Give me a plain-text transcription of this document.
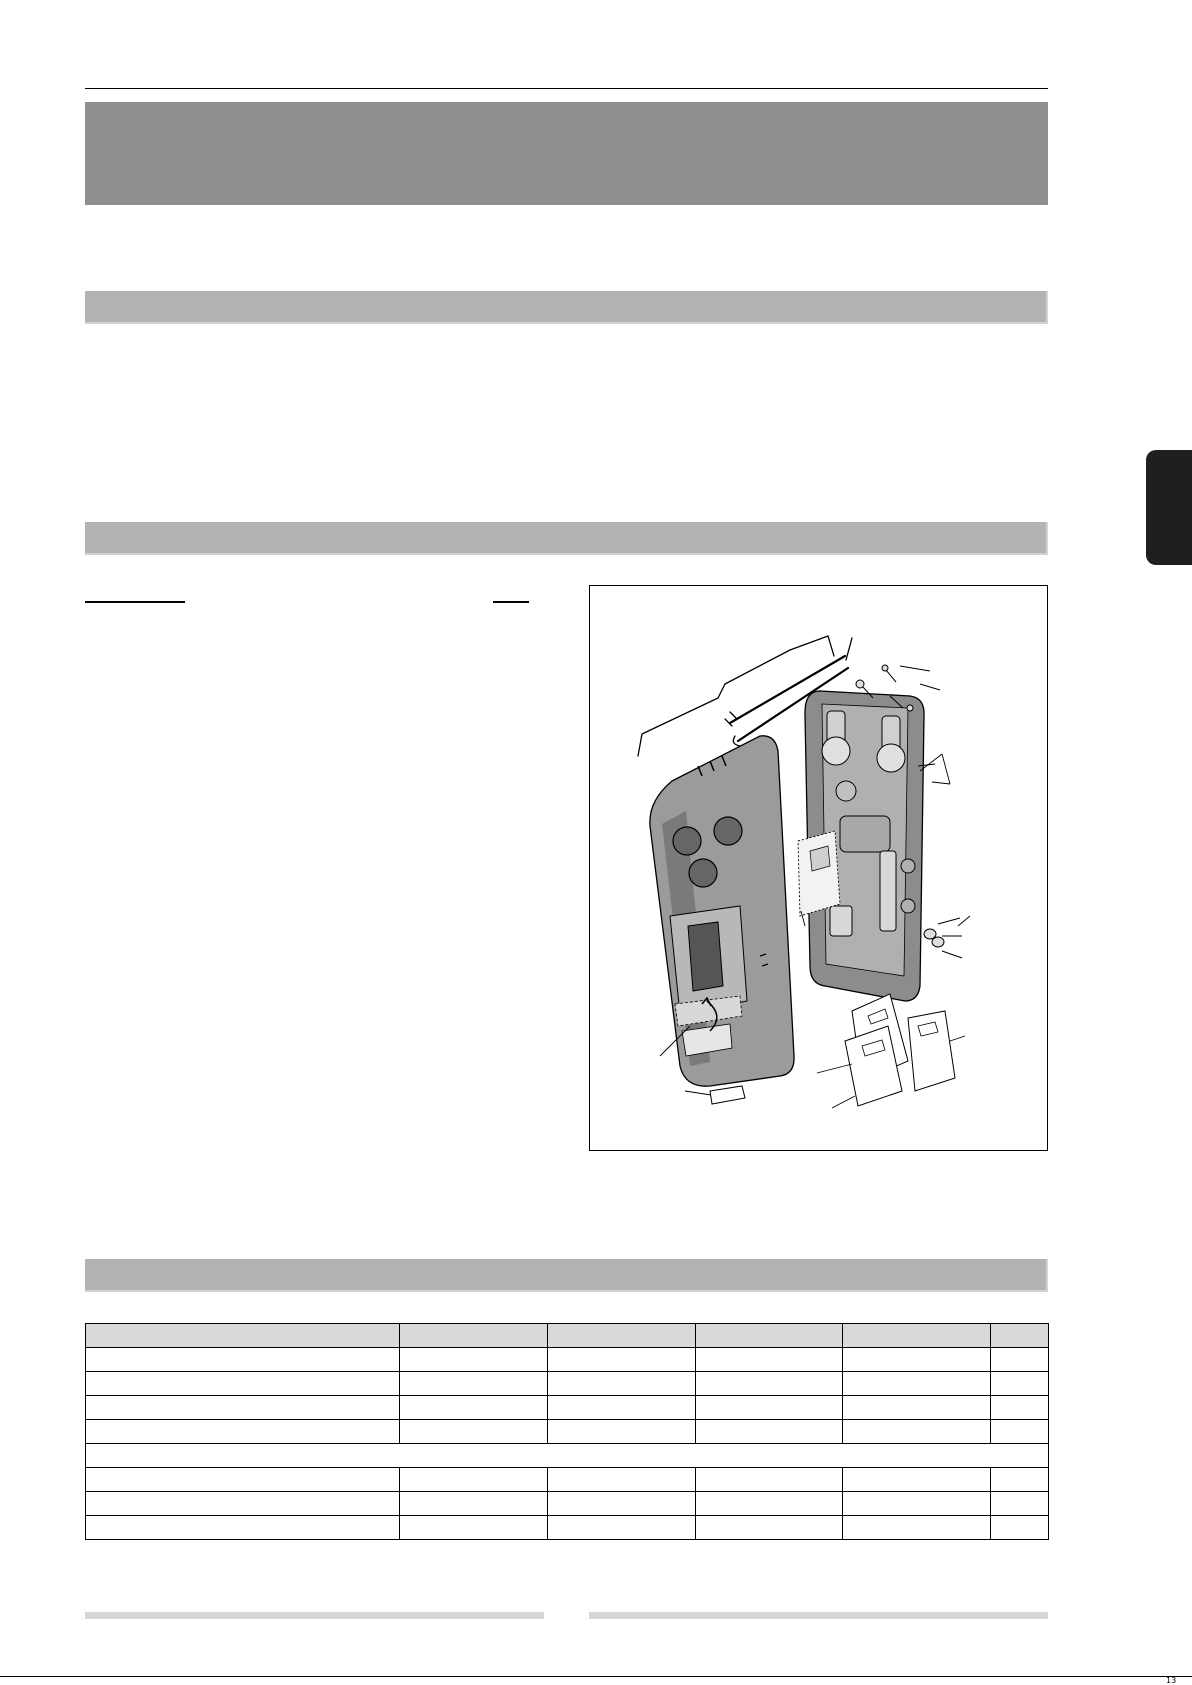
13
